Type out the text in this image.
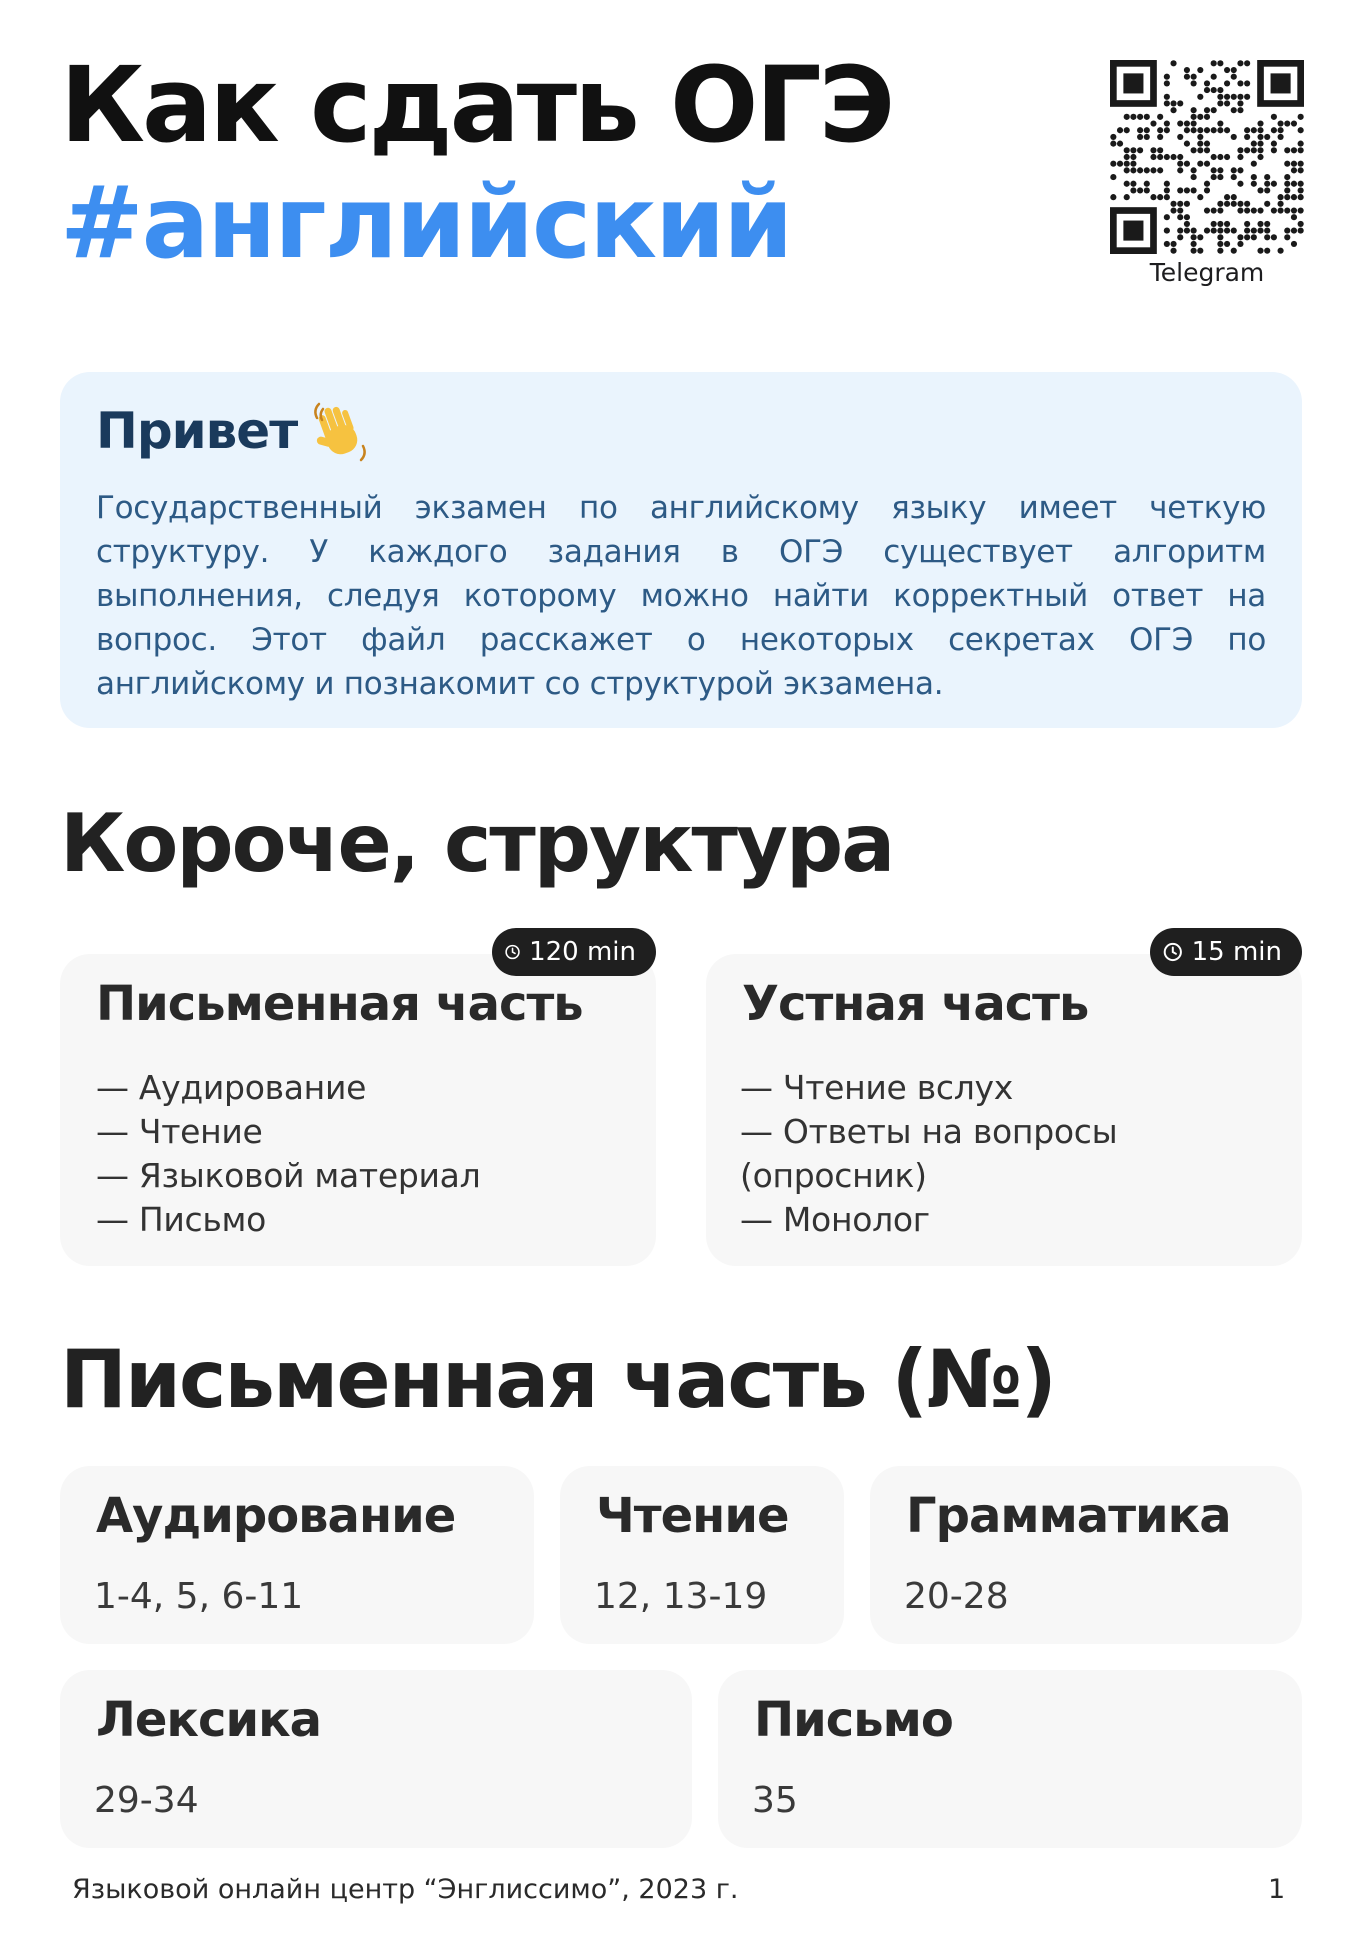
Как сдать ОГЭ
#английский	Telegram
Привет

Государственный экзамен по английскому языку имеет четкую структуру. У каждого задания в ОГЭ существует алгоритм выполнения, следуя которому можно найти корректный ответ на вопрос. Этот файл расскажет о некоторых секретах ОГЭ по английскому и познакомит со структурой экзамена.

Короче, структура
Письменная часть
— Аудирование
— Чтение
— Языковой материал
— Письмо
120 min
Устная часть
— Чтение вслух
— Ответы на вопросы (опросник)
— Монолог
15 min
Письменная часть (№)
Аудирование
1-4, 5, 6-11
Чтение
12, 13-19
Грамматика
20-28
Лексика
29-34
Письмо
35
Языковой онлайн центр “Энглиссимо”, 2023 г.	1
